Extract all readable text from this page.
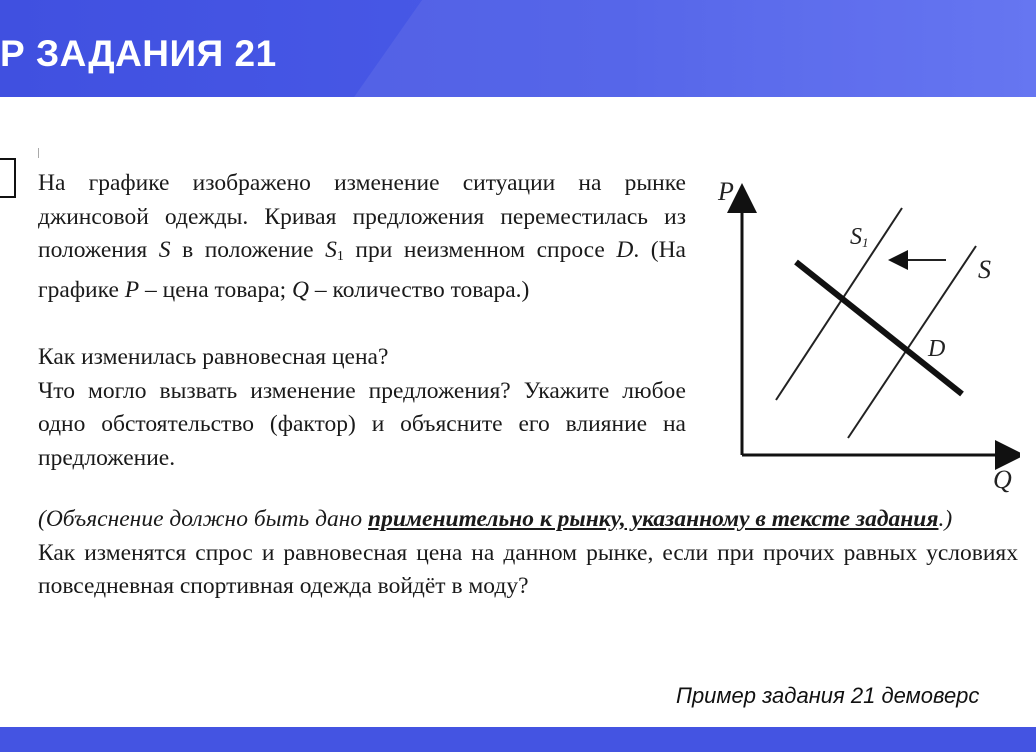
Р ЗАДАНИЯ 21

На графике изображено изменение ситуации на рынке джинсовой одежды. Кривая предложения переместилась из положения S в положение $S_1$ при неизменном спросе D. (На графике P – цена товара; Q – количество товара.)

Как изменилась равновесная цена?

Что могло вызвать изменение предложения? Укажите любое одно обстоятельство (фактор) и объясните его влияние на предложение.

(Объяснение должно быть дано применительно к рынку, указанному в тексте задания.)

Как изменятся спрос и равновесная цена на данном рынке, если при прочих равных условиях повседневная спортивная одежда войдёт в моду?

P
Q
S1
S
D
Пример задания 21 демоверс
